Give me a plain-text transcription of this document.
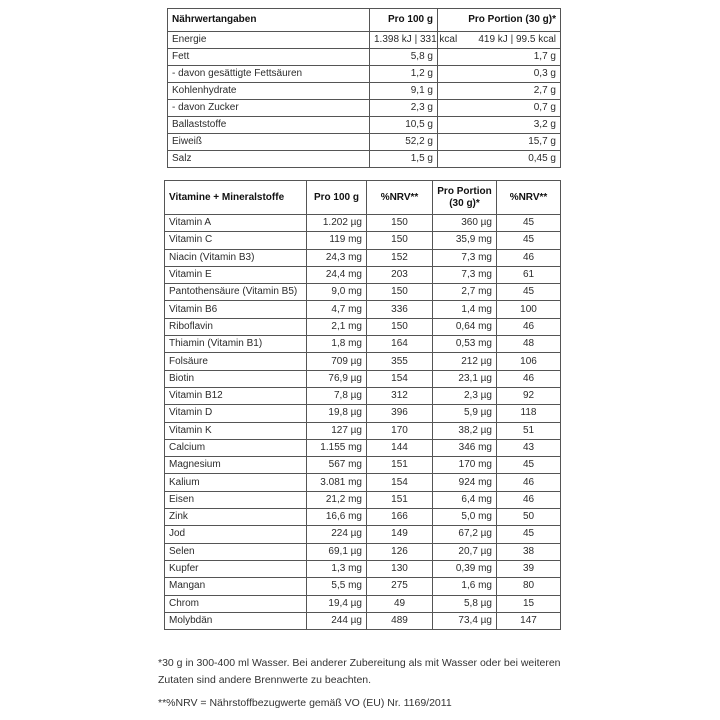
Nährwertangaben	Pro 100 g	Pro Portion (30 g)*
Energie	1.398 kJ | 331 kcal	419 kJ | 99.5 kcal
Fett	5,8 g	1,7 g
- davon gesättigte Fettsäuren	1,2 g	0,3 g
Kohlenhydrate	9,1 g	2,7 g
- davon Zucker	2,3 g	0,7 g
Ballaststoffe	10,5 g	3,2 g
Eiweiß	52,2 g	15,7 g
Salz	1,5 g	0,45 g
Vitamine + Mineralstoffe	Pro 100 g	%NRV**	Pro Portion (30 g)*	%NRV**
Vitamin A	1.202 µg	150	360 µg	45
Vitamin C	119 mg	150	35,9 mg	45
Niacin (Vitamin B3)	24,3 mg	152	7,3 mg	46
Vitamin E	24,4 mg	203	7,3 mg	61
Pantothensäure (Vitamin B5)	9,0 mg	150	2,7 mg	45
Vitamin B6	4,7 mg	336	1,4 mg	100
Riboflavin	2,1 mg	150	0,64 mg	46
Thiamin (Vitamin B1)	1,8 mg	164	0,53 mg	48
Folsäure	709 µg	355	212 µg	106
Biotin	76,9 µg	154	23,1 µg	46
Vitamin B12	7,8 µg	312	2,3 µg	92
Vitamin D	19,8 µg	396	5,9 µg	118
Vitamin K	127 µg	170	38,2 µg	51
Calcium	1.155 mg	144	346 mg	43
Magnesium	567 mg	151	170 mg	45
Kalium	3.081 mg	154	924 mg	46
Eisen	21,2 mg	151	6,4 mg	46
Zink	16,6 mg	166	5,0 mg	50
Jod	224 µg	149	67,2 µg	45
Selen	69,1 µg	126	20,7 µg	38
Kupfer	1,3 mg	130	0,39 mg	39
Mangan	5,5 mg	275	1,6 mg	80
Chrom	19,4 µg	49	5,8 µg	15
Molybdän	244 µg	489	73,4 µg	147
*30 g in 300-400 ml Wasser. Bei anderer Zubereitung als mit Wasser oder bei weiteren Zutaten sind andere Brennwerte zu beachten.
**%NRV = Nährstoffbezugwerte gemäß VO (EU) Nr. 1169/2011
